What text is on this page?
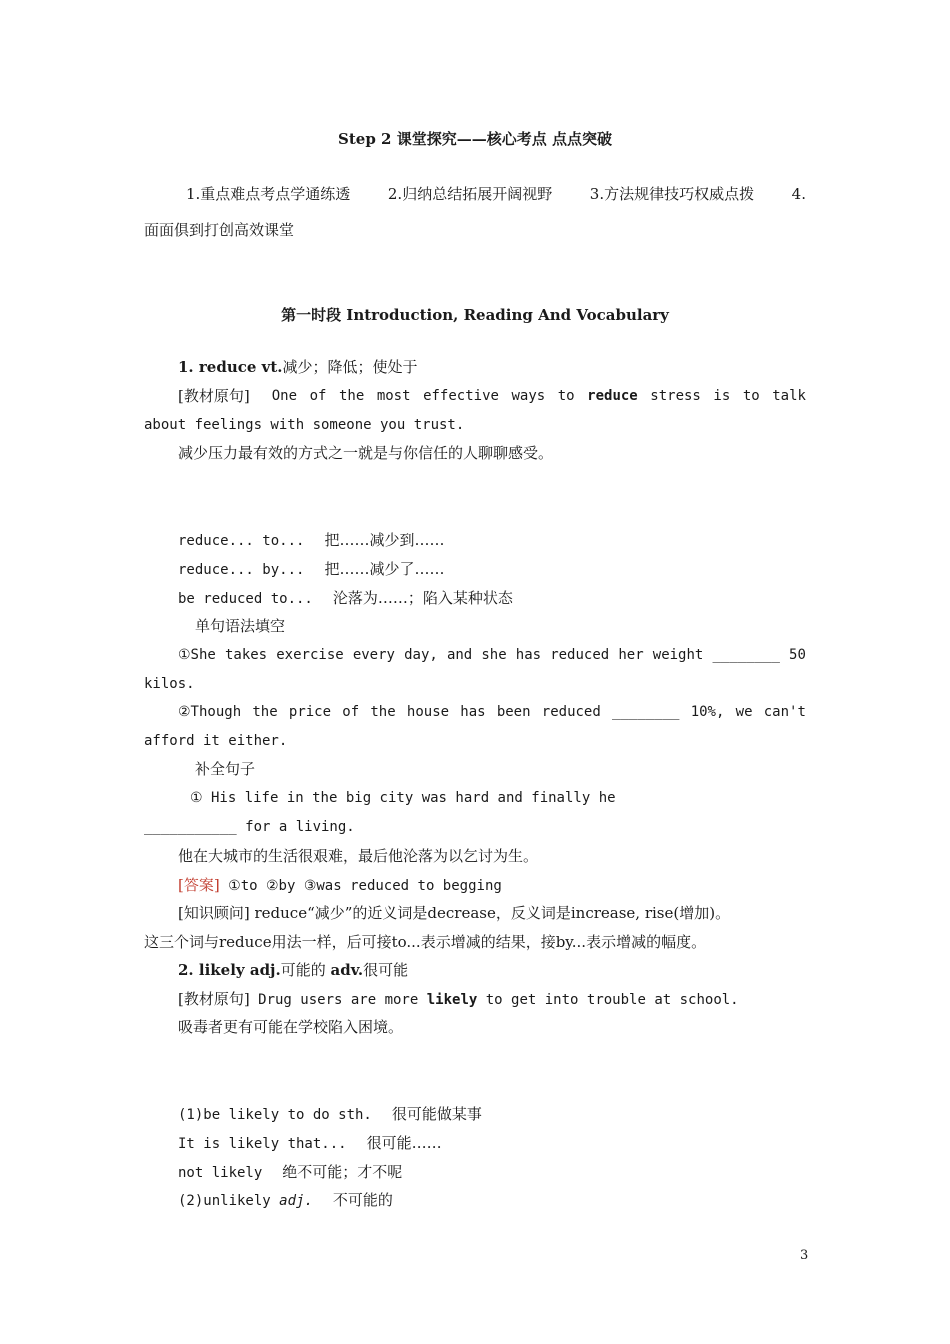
Step 2 课堂探究——核心考点 点点突破
1.重点难点考点学通练透	2.归纳总结拓展开阔视野	3.方法规律技巧权威点拨	4.
面面俱到打创高效课堂
第一时段 Introduction, Reading And Vocabulary
1. reduce vt.减少；降低；使处于
[教材原句] One of the most effective ways to reduce stress is to talk
about feelings with someone you trust.
减少压力最有效的方式之一就是与你信任的人聊聊感受。
reduce... to... 把……减少到……
reduce... by... 把……减少了……
be reduced to... 沦落为……；陷入某种状态
单句语法填空
①She takes exercise every day, and she has reduced her weight ________ 50
kilos.
②Though the price of the house has been reduced ________ 10%, we can't
afford it either.
补全句子
① His life in the big city was hard and finally he
___________ for a living.
他在大城市的生活很艰难，最后他沦落为以乞讨为生。
[答案] ①to ②by ③was reduced to begging
[知识顾问] reduce“减少”的近义词是decrease，反义词是increase, rise(增加)。
这三个词与reduce用法一样，后可接to...表示增减的结果，接by...表示增减的幅度。
2. likely adj.可能的 adv.很可能
[教材原句] Drug users are more likely to get into trouble at school.
吸毒者更有可能在学校陷入困境。
(1)be likely to do sth. 很可能做某事
It is likely that... 很可能……
not likely 绝不可能；才不呢
(2)unlikely adj. 不可能的
3
